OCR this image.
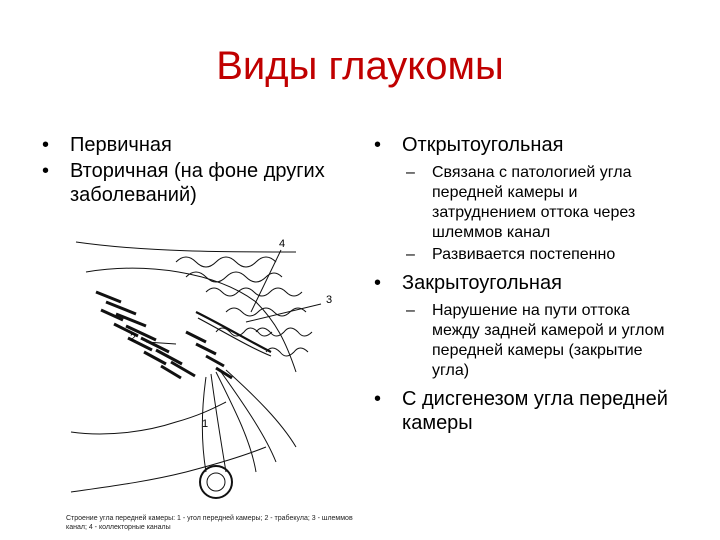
Виды глаукомы
• Первичная
• Вторичная (на фоне других заболеваний)
• Открытоугольная
– Связана с патологией угла передней камеры и затруднением оттока через шлеммов канал
– Развивается постепенно
• Закрытоугольная
– Нарушение на пути оттока между задней камерой и углом передней камеры (закрытие угла)
• С дисгенезом угла передней камеры
4
3
2
1
Строение угла передней камеры: 1 - угол передней камеры; 2 - трабекула; 3 - шлеммов канал; 4 - коллекторные каналы
